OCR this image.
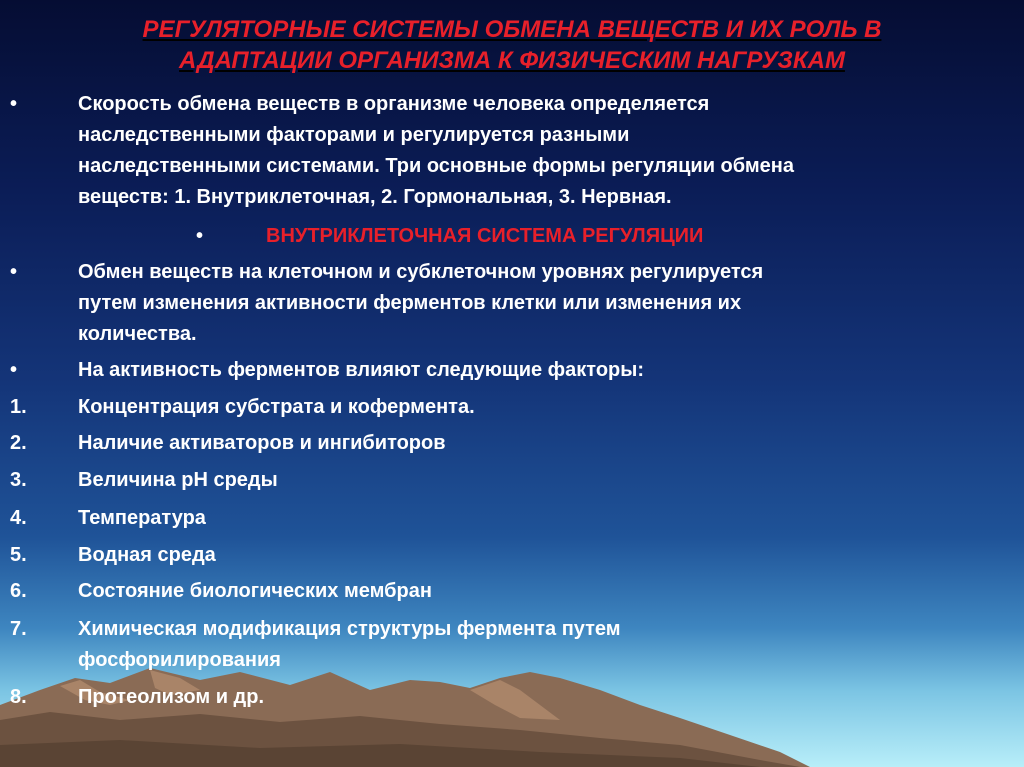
РЕГУЛЯТОРНЫЕ СИСТЕМЫ ОБМЕНА ВЕЩЕСТВ И ИХ РОЛЬ В
АДАПТАЦИИ ОРГАНИЗМА К ФИЗИЧЕСКИМ НАГРУЗКАМ
•	Скорость обмена веществ в организме человека определяется
наследственными факторами и регулируется разными
наследственными системами. Три основные формы регуляции обмена
веществ: 1. Внутриклеточная, 2. Гормональная, 3. Нервная.
•	ВНУТРИКЛЕТОЧНАЯ СИСТЕМА РЕГУЛЯЦИИ
•	Обмен веществ на клеточном и субклеточном уровнях регулируется
путем изменения активности ферментов клетки или изменения их
количества.
•	На активность ферментов влияют следующие факторы:
1.	Концентрация субстрата и кофермента.
2.	Наличие активаторов и ингибиторов
3.	Величина pH среды
4.	Температура
5.	Водная среда
6.	Состояние биологических мембран
7.	Химическая модификация структуры фермента путем
фосфорилирования
8.	Протеолизом и др.
